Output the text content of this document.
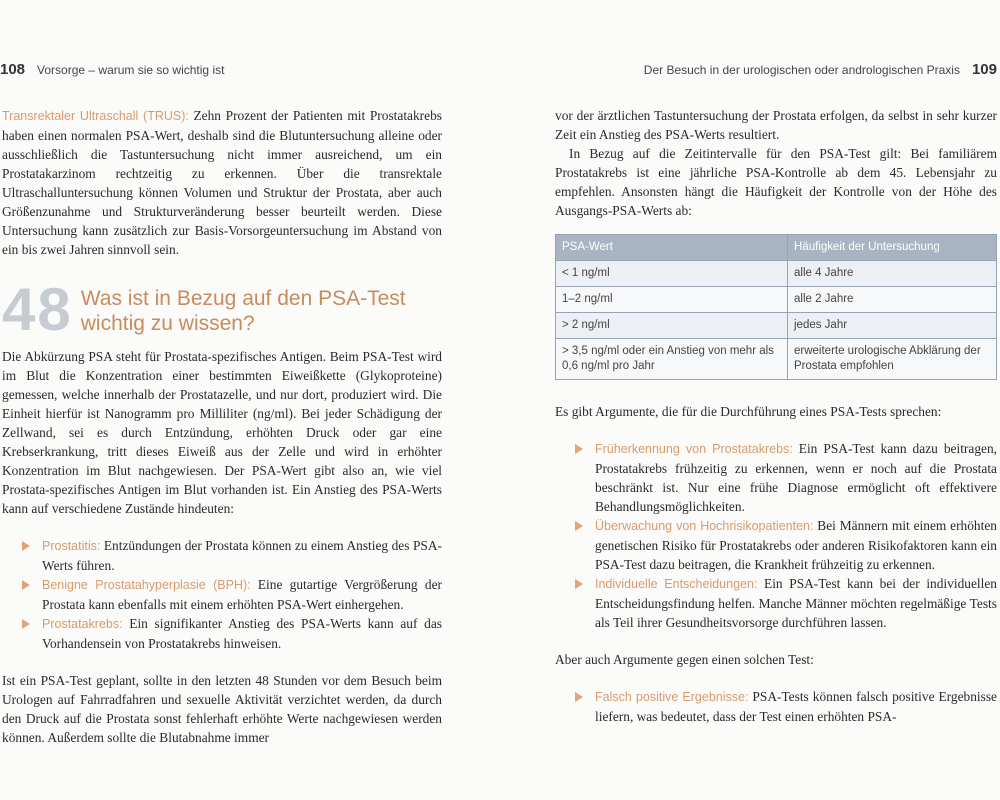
108 Vorsorge – warum sie so wichtig ist

Transrektaler Ultraschall (TRUS): Zehn Prozent der Patienten mit Prostatakrebs haben einen normalen PSA-Wert, deshalb sind die Blutuntersuchung alleine oder ausschließlich die Tastuntersuchung nicht immer ausreichend, um ein Prostatakarzinom rechtzeitig zu erkennen. Über die transrektale Ultraschalluntersuchung können Volumen und Struktur der Prostata, aber auch Größenzunahme und Strukturveränderung besser beurteilt werden. Diese Untersuchung kann zusätzlich zur Basis-Vorsorgeuntersuchung im Abstand von ein bis zwei Jahren sinnvoll sein.

48 Was ist in Bezug auf den PSA-Test wichtig zu wissen?

Die Abkürzung PSA steht für Prostata-spezifisches Antigen. Beim PSA-Test wird im Blut die Konzentration einer bestimmten Eiweißkette (Glykoproteine) gemessen, welche innerhalb der Prostatazelle, und nur dort, produziert wird. Die Einheit hierfür ist Nanogramm pro Milliliter (ng/ml). Bei jeder Schädigung der Zellwand, sei es durch Entzündung, erhöhten Druck oder gar eine Krebserkrankung, tritt dieses Eiweiß aus der Zelle und wird in erhöhter Konzentration im Blut nachgewiesen. Der PSA-Wert gibt also an, wie viel Prostata-spezifisches Antigen im Blut vorhanden ist. Ein Anstieg des PSA-Werts kann auf verschiedene Zustände hindeuten:

Prostatitis: Entzündungen der Prostata können zu einem Anstieg des PSA-Werts führen.
Benigne Prostatahyperplasie (BPH): Eine gutartige Vergrößerung der Prostata kann ebenfalls mit einem erhöhten PSA-Wert einhergehen.
Prostatakrebs: Ein signifikanter Anstieg des PSA-Werts kann auf das Vorhandensein von Prostatakrebs hinweisen.

Ist ein PSA-Test geplant, sollte in den letzten 48 Stunden vor dem Besuch beim Urologen auf Fahrradfahren und sexuelle Aktivität verzichtet werden, da durch den Druck auf die Prostata sonst fehlerhaft erhöhte Werte nachgewiesen werden können. Außerdem sollte die Blutabnahme immer

Der Besuch in der urologischen oder andrologischen Praxis 109

vor der ärztlichen Tastuntersuchung der Prostata erfolgen, da selbst in sehr kurzer Zeit ein Anstieg des PSA-Werts resultiert.

In Bezug auf die Zeitintervalle für den PSA-Test gilt: Bei familiärem Prostatakrebs ist eine jährliche PSA-Kontrolle ab dem 45. Lebensjahr zu empfehlen. Ansonsten hängt die Häufigkeit der Kontrolle von der Höhe des Ausgangs-PSA-Werts ab:

PSA-Wert	Häufigkeit der Untersuchung
< 1 ng/ml	alle 4 Jahre
1–2 ng/ml	alle 2 Jahre
> 2 ng/ml	jedes Jahr
> 3,5 ng/ml oder ein Anstieg von mehr als 0,6 ng/ml pro Jahr	erweiterte urologische Abklärung der Prostata empfohlen

Es gibt Argumente, die für die Durchführung eines PSA-Tests sprechen:

Früherkennung von Prostatakrebs: Ein PSA-Test kann dazu beitragen, Prostatakrebs frühzeitig zu erkennen, wenn er noch auf die Prostata beschränkt ist. Nur eine frühe Diagnose ermöglicht oft effektivere Behandlungsmöglichkeiten.
Überwachung von Hochrisikopatienten: Bei Männern mit einem erhöhten genetischen Risiko für Prostatakrebs oder anderen Risikofaktoren kann ein PSA-Test dazu beitragen, die Krankheit frühzeitig zu erkennen.
Individuelle Entscheidungen: Ein PSA-Test kann bei der individuellen Entscheidungsfindung helfen. Manche Männer möchten regelmäßige Tests als Teil ihrer Gesundheitsvorsorge durchführen lassen.

Aber auch Argumente gegen einen solchen Test:

Falsch positive Ergebnisse: PSA-Tests können falsch positive Ergebnisse liefern, was bedeutet, dass der Test einen erhöhten PSA-
